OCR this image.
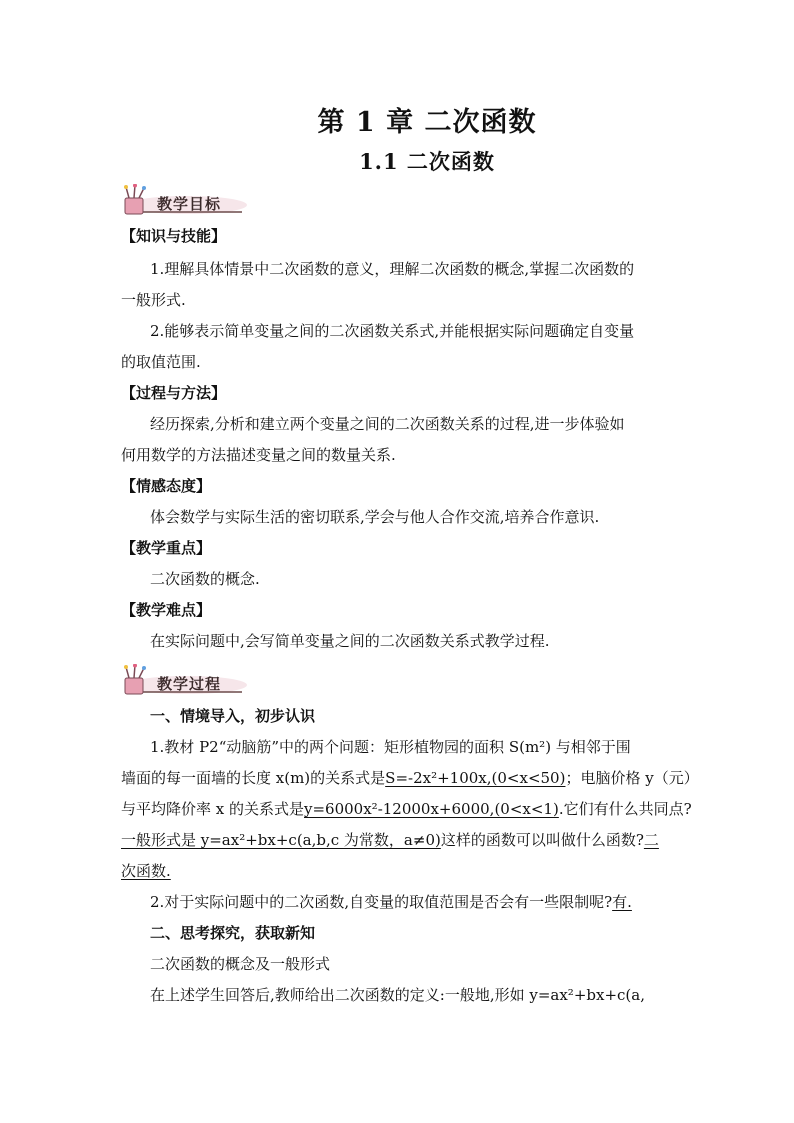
第 1 章 二次函数
1.1 二次函数
教学目标
【知识与技能】
1.理解具体情景中二次函数的意义，理解二次函数的概念,掌握二次函数的
一般形式.
2.能够表示简单变量之间的二次函数关系式,并能根据实际问题确定自变量
的取值范围.
【过程与方法】
经历探索,分析和建立两个变量之间的二次函数关系的过程,进一步体验如
何用数学的方法描述变量之间的数量关系.
【情感态度】
体会数学与实际生活的密切联系,学会与他人合作交流,培养合作意识.
【教学重点】
二次函数的概念.
【教学难点】
在实际问题中,会写简单变量之间的二次函数关系式教学过程.
教学过程
一、情境导入，初步认识
1.教材 P2“动脑筋”中的两个问题：矩形植物园的面积 S(m²) 与相邻于围
墙面的每一面墙的长度 x(m)的关系式是S=-2x²+100x,(0<x<50)；电脑价格 y（元）
与平均降价率 x 的关系式是y=6000x²-12000x+6000,(0<x<1).它们有什么共同点?
一般形式是 y=ax²+bx+c(a,b,c 为常数，a≠0)这样的函数可以叫做什么函数?二
次函数.
2.对于实际问题中的二次函数,自变量的取值范围是否会有一些限制呢?有.
二、思考探究，获取新知
二次函数的概念及一般形式
在上述学生回答后,教师给出二次函数的定义:一般地,形如 y=ax²+bx+c(a,
